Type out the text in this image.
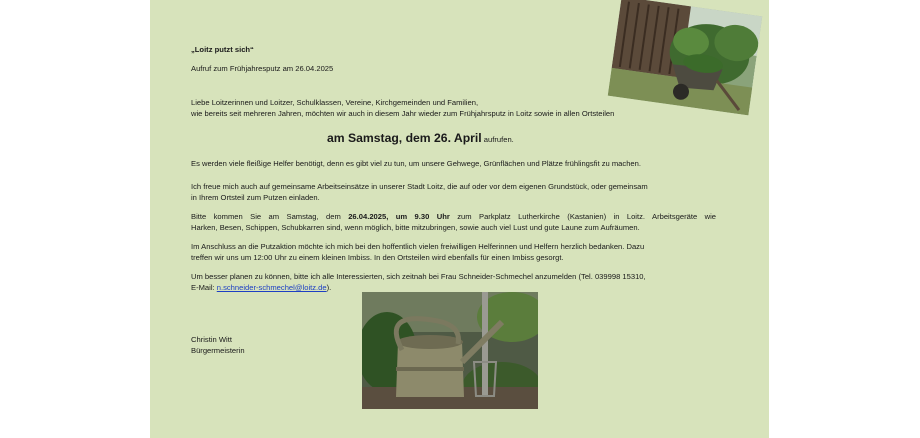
„Loitz putzt sich“
Aufruf zum Frühjahresputz am 26.04.2025
Liebe Loitzerinnen und Loitzer, Schulklassen, Vereine, Kirchgemeinden und Familien,
wie bereits seit mehreren Jahren, möchten wir auch in diesem Jahr wieder zum Frühjahrsputz in Loitz sowie in allen Ortsteilen
am Samstag, dem 26. April aufrufen.
Es werden viele fleißige Helfer benötigt, denn es gibt viel zu tun, um unsere Gehwege, Grünflächen und Plätze frühlingsfit zu machen.
Ich freue mich auch auf gemeinsame Arbeitseinsätze in unserer Stadt Loitz, die auf oder vor dem eigenen Grundstück, oder gemeinsam
in Ihrem Ortsteil zum Putzen einladen.
Bitte kommen Sie am Samstag, dem 26.04.2025, um 9.30 Uhr zum Parkplatz Lutherkirche (Kastanien) in Loitz. Arbeitsgeräte wie
Harken, Besen, Schippen, Schubkarren sind, wenn möglich, bitte mitzubringen, sowie auch viel Lust und gute Laune zum Aufräumen.
Im Anschluss an die Putzaktion möchte ich mich bei den hoffentlich vielen freiwilligen Helferinnen und Helfern herzlich bedanken. Dazu
treffen wir uns um 12:00 Uhr zu einem kleinen Imbiss. In den Ortsteilen wird ebenfalls für einen Imbiss gesorgt.
Um besser planen zu können, bitte ich alle Interessierten, sich zeitnah bei Frau Schneider-Schmechel anzumelden (Tel. 039998 15310,
E-Mail: n.schneider-schmechel@loitz.de).
Christin Witt
Bürgermeisterin
